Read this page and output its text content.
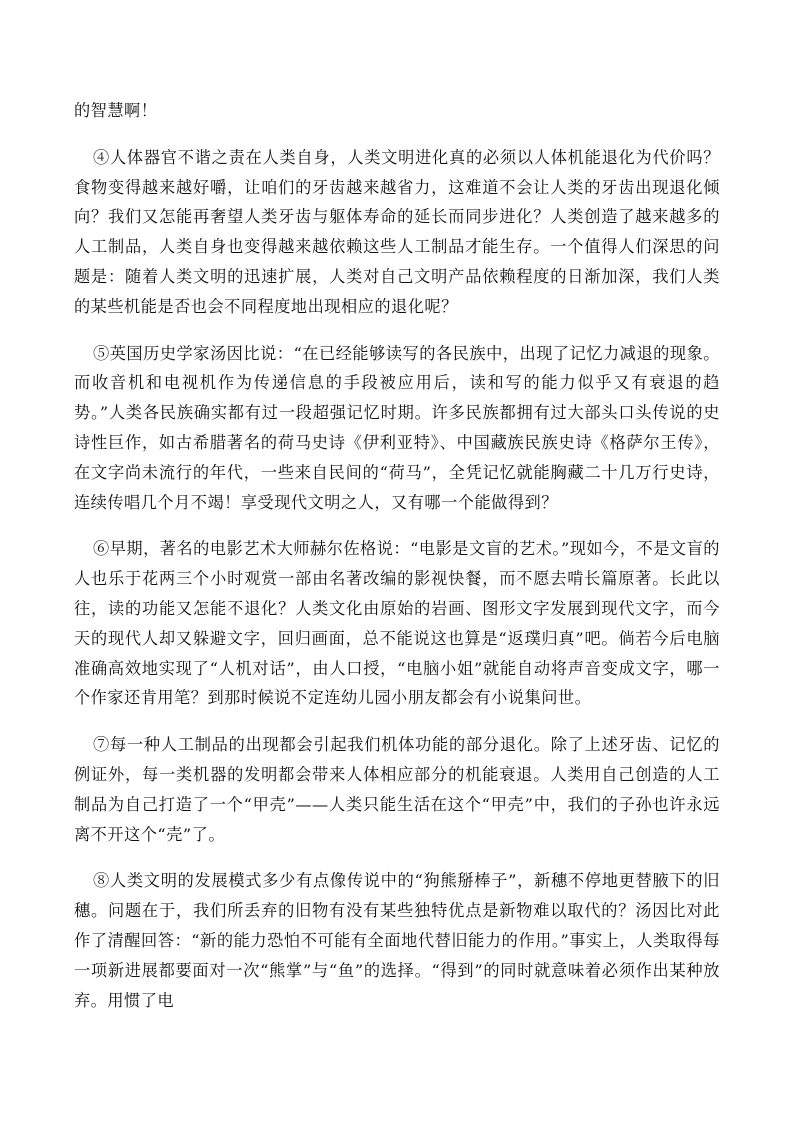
的智慧啊！

④人体器官不谐之责在人类自身，人类文明进化真的必须以人体机能退化为代价吗？食物变得越来越好嚼，让咱们的牙齿越来越省力，这难道不会让人类的牙齿出现退化倾向？我们又怎能再奢望人类牙齿与躯体寿命的延长而同步进化？人类创造了越来越多的人工制品，人类自身也变得越来越依赖这些人工制品才能生存。一个值得人们深思的问题是：随着人类文明的迅速扩展，人类对自己文明产品依赖程度的日渐加深，我们人类的某些机能是否也会不同程度地出现相应的退化呢？

⑤英国历史学家汤因比说：“在已经能够读写的各民族中，出现了记忆力减退的现象。而收音机和电视机作为传递信息的手段被应用后，读和写的能力似乎又有衰退的趋势。”人类各民族确实都有过一段超强记忆时期。许多民族都拥有过大部头口头传说的史诗性巨作，如古希腊著名的荷马史诗《伊利亚特》、中国藏族民族史诗《格萨尔王传》，在文字尚未流行的年代，一些来自民间的“荷马”，全凭记忆就能胸藏二十几万行史诗，连续传唱几个月不竭！享受现代文明之人，又有哪一个能做得到？

⑥早期，著名的电影艺术大师赫尔佐格说：“电影是文盲的艺术。”现如今，不是文盲的人也乐于花两三个小时观赏一部由名著改编的影视快餐，而不愿去啃长篇原著。长此以往，读的功能又怎能不退化？人类文化由原始的岩画、图形文字发展到现代文字，而今天的现代人却又躲避文字，回归画面，总不能说这也算是“返璞归真”吧。倘若今后电脑准确高效地实现了“人机对话”，由人口授，“电脑小姐”就能自动将声音变成文字，哪一个作家还肯用笔？到那时候说不定连幼儿园小朋友都会有小说集问世。

⑦每一种人工制品的出现都会引起我们机体功能的部分退化。除了上述牙齿、记忆的例证外，每一类机器的发明都会带来人体相应部分的机能衰退。人类用自己创造的人工制品为自己打造了一个“甲壳”——人类只能生活在这个“甲壳”中，我们的子孙也许永远离不开这个“壳”了。

⑧人类文明的发展模式多少有点像传说中的“狗熊掰棒子”，新穗不停地更替腋下的旧穗。问题在于，我们所丢弃的旧物有没有某些独特优点是新物难以取代的？汤因比对此作了清醒回答：“新的能力恐怕不可能有全面地代替旧能力的作用。”事实上，人类取得每一项新进展都要面对一次“熊掌”与“鱼”的选择。“得到”的同时就意味着必须作出某种放弃。用惯了电
